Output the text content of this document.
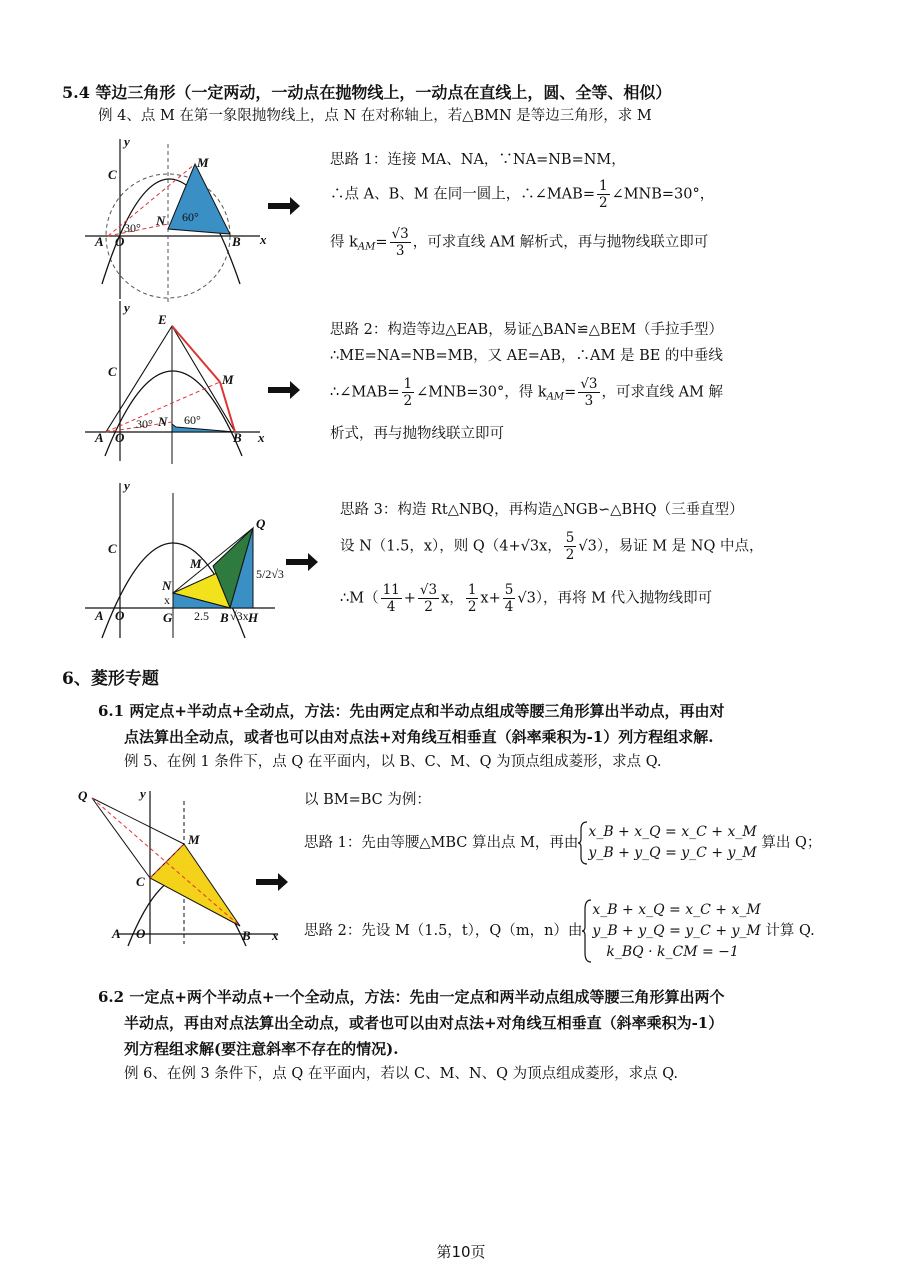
5.4 等边三角形（一定两动，一动点在抛物线上，一动点在直线上，圆、全等、相似）
例 4、点 M 在第一象限抛物线上，点 N 在对称轴上，若△BMN 是等边三角形，求 M
y
x
A O	B
C
M
N
30°
60°
思路 1：连接 MA、NA，∵NA=NB=NM，
∴点 A、B、M 在同一圆上，∴∠MAB= $\frac{1}{2}$ ∠MNB=30°，
得 $k_{AM}= \frac{√3}{3}$ ，可求直线 AM 解析式，再与抛物线联立即可
y
x
E
A O	B
C
M
N
30°	60°
思路 2：构造等边△EAB，易证△BAN≌△BEM（手拉手型）
∴ME=NA=NB=MB，又 AE=AB，∴AM 是 BE 的中垂线
∴∠MAB= $\frac{1}{2}$ ∠MNB=30°，得 $k_{AM}= \frac{√3}{3}$ ，可求直线 AM 解
析式，再与抛物线联立即可
y
A O	G	B H
C
M
N
Q
x
2.5 √3x
5/2√3
思路 3：构造 Rt△NBQ，再构造△NGB∽△BHQ（三垂直型）
设 N（1.5，x），则 Q（4+√3x， $\frac{5}{2} √3$），易证 M 是 NQ 中点，
∴M（ $\frac{11}{4} + \frac{√3}{2}$ x， $\frac{1}{2} x+ \frac{5}{4} √3$），再将 M 代入抛物线即可
6、菱形专题
6.1 两定点+半动点+全动点，方法：先由两定点和半动点组成等腰三角形算出半动点，再由对
点法算出全动点，或者也可以由对点法+对角线互相垂直（斜率乘积为-1）列方程组求解.
例 5、在例 1 条件下，点 Q 在平面内，以 B、C、M、Q 为顶点组成菱形，求点 Q.
Q	y
x
A O	B
C
M
以 BM=BC 为例：
思路 1：先由等腰△MBC 算出点 M，再由
x_B + x_Q = x_C + x_M
y_B + y_Q = y_C + y_M
算出 Q；
思路 2：先设 M（1.5，t），Q（m，n）由
x_B + x_Q = x_C + x_M
y_B + y_Q = y_C + y_M
k_BQ · k_CM = −1
计算 Q.
6.2 一定点+两个半动点+一个全动点，方法：先由一定点和两半动点组成等腰三角形算出两个
半动点，再由对点法算出全动点，或者也可以由对点法+对角线互相垂直（斜率乘积为-1）
列方程组求解(要注意斜率不存在的情况).
例 6、在例 3 条件下，点 Q 在平面内，若以 C、M、N、Q 为顶点组成菱形，求点 Q.
第10页
